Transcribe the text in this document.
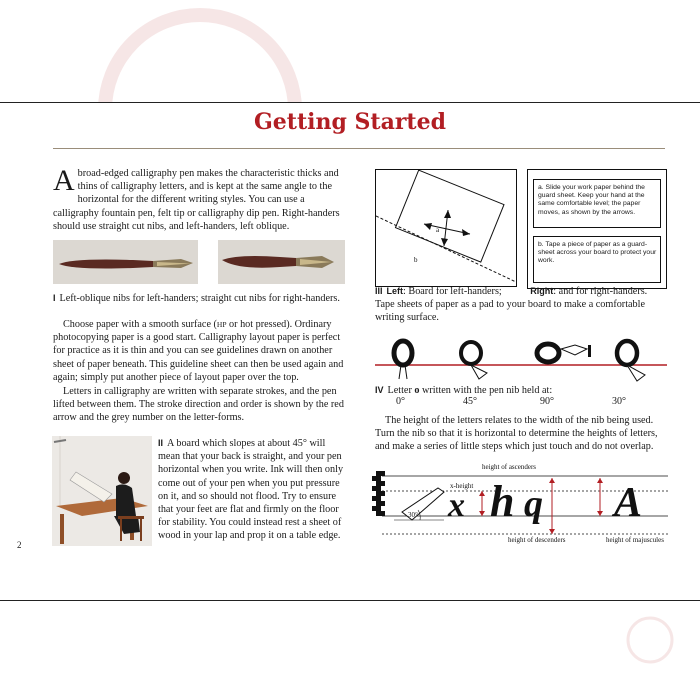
Getting Started

Abroad-edged calligraphy pen makes the characteristic thicks and thins of calligraphy letters, and is kept at the same angle to the horizontal for the different writing styles. You can use a calligraphy fountain pen, felt tip or calligraphy dip pen. Right-handers should use straight cut nibs, and left-handers, left oblique.

I Left-oblique nibs for left-handers; straight cut nibs for right-handers.

Choose paper with a smooth surface (HP or hot pressed). Ordinary photocopying paper is a good start. Calligraphy layout paper is perfect for practice as it is thin and you can see guidelines drawn on another sheet of paper beneath. This guideline sheet can then be used again and again; simply put another piece of layout paper over the top.

Letters in calligraphy are written with separate strokes, and the pen lifted between them. The stroke direction and order is shown by the red arrow and the grey number on the letter-forms.

II A board which slopes at about 45° will mean that your back is straight, and your pen horizontal when you write. Ink will then only come out of your pen when you put pressure on it, and so should not flood. Try to ensure that your feet are flat and firmly on the floor for stability. You could instead rest a sheet of wood in your lap and prop it on a table edge.

2
a
b
a. Slide your work paper behind the guard sheet. Keep your hand at the same comfortable level; the paper moves, as shown by the arrows.
b. Tape a piece of paper as a guard-sheet across your board to protect your work.
III Left: Board for left-handers;	Right: and for right-handers.
Tape sheets of paper as a pad to your board to make a comfortable writing surface.
IV Letter o written with the pen nib held at:
0°	45°	90°	30°

The height of the letters relates to the width of the nib being used. Turn the nib so that it is horizontal to determine the heights of letters, and make a series of little steps which just touch and do not overlap.

30° x h q A
height of ascenders
x-height
height of descenders	height of majuscules
